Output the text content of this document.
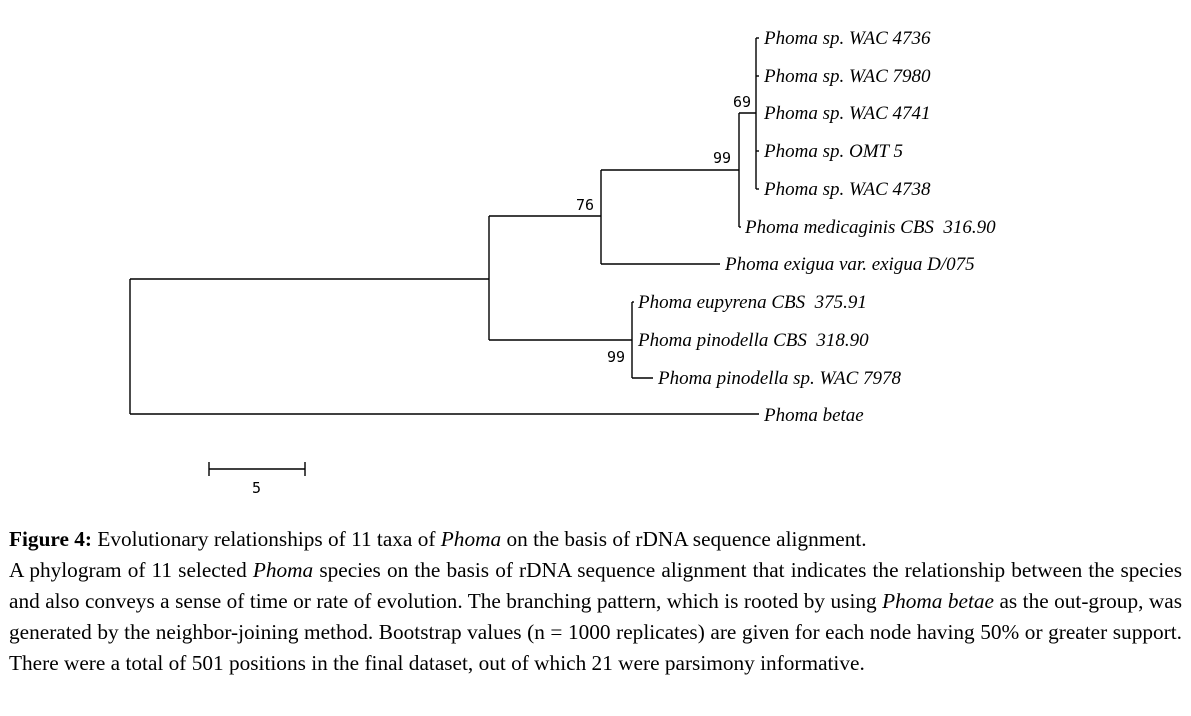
Phoma sp. WAC 4736
Phoma sp. WAC 7980
Phoma sp. WAC 4741
Phoma sp. OMT 5
Phoma sp. WAC 4738
Phoma medicaginis CBS  316.90
Phoma exigua var. exigua D/075
Phoma eupyrena CBS  375.91
Phoma pinodella CBS  318.90
Phoma pinodella sp. WAC 7978
Phoma betae
69
99
76
99
5

Figure 4: Evolutionary relationships of 11 taxa of Phoma on the basis of rDNA sequence alignment.

A phylogram of 11 selected Phoma species on the basis of rDNA sequence alignment that indicates the relationship between the species and also conveys a sense of time or rate of evolution. The branching pattern, which is rooted by using Phoma betae as the out-group, was generated by the neighbor-joining method. Bootstrap values (n = 1000 replicates) are given for each node having 50% or greater support. There were a total of 501 positions in the final dataset, out of which 21 were parsimony informative.
